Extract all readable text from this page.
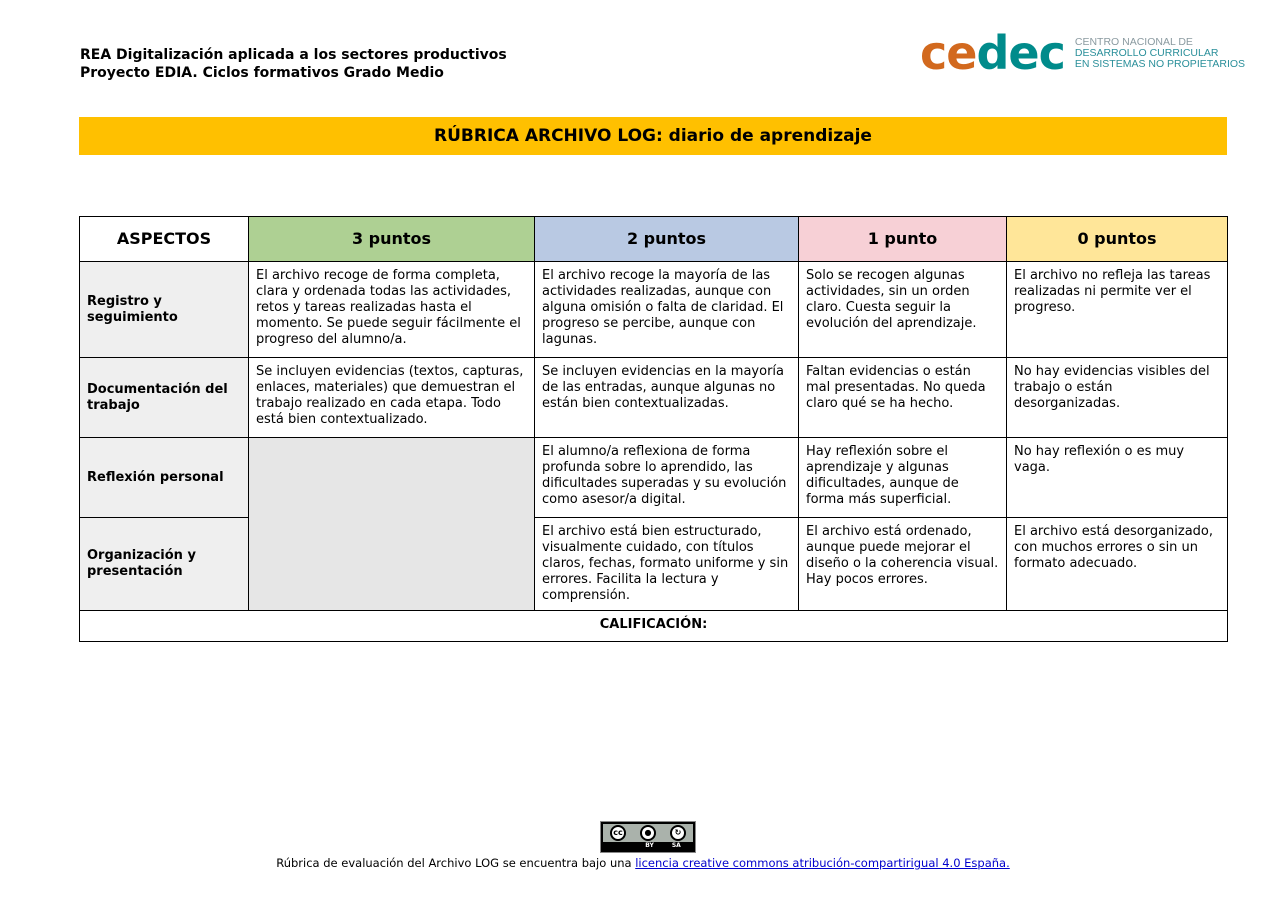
REA Digitalización aplicada a los sectores productivos
Proyecto EDIA. Ciclos formativos Grado Medio	cedec CENTRO NACIONAL DE
DESARROLLO CURRICULAR
EN SISTEMAS NO PROPIETARIOS
RÚBRICA ARCHIVO LOG: diario de aprendizaje
ASPECTOS	3 puntos	2 puntos	1 punto	0 puntos
Registro y seguimiento	El archivo recoge de forma completa, clara y ordenada todas las actividades, retos y tareas realizadas hasta el momento. Se puede seguir fácilmente el progreso del alumno/a.	El archivo recoge la mayoría de las actividades realizadas, aunque con alguna omisión o falta de claridad. El progreso se percibe, aunque con lagunas.	Solo se recogen algunas actividades, sin un orden claro. Cuesta seguir la evolución del aprendizaje.	El archivo no refleja las tareas realizadas ni permite ver el progreso.
Documentación del trabajo	Se incluyen evidencias (textos, capturas, enlaces, materiales) que demuestran el trabajo realizado en cada etapa. Todo está bien contextualizado.	Se incluyen evidencias en la mayoría de las entradas, aunque algunas no están bien contextualizadas.	Faltan evidencias o están mal presentadas. No queda claro qué se ha hecho.	No hay evidencias visibles del trabajo o están desorganizadas.
Reflexión personal		El alumno/a reflexiona de forma profunda sobre lo aprendido, las dificultades superadas y su evolución como asesor/a digital.	Hay reflexión sobre el aprendizaje y algunas dificultades, aunque de forma más superficial.	No hay reflexión o es muy vaga.
Organización y presentación		El archivo está bien estructurado, visualmente cuidado, con títulos claros, fechas, formato uniforme y sin errores. Facilita la lectura y comprensión.	El archivo está ordenado, aunque puede mejorar el diseño o la coherencia visual. Hay pocos errores.	El archivo está desorganizado, con muchos errores o sin un formato adecuado.
CALIFICACIÓN:				
cc	●	↻
BY	SA
Rúbrica de evaluación del Archivo LOG se encuentra bajo una licencia creative commons atribución-compartirigual 4.0 España.
